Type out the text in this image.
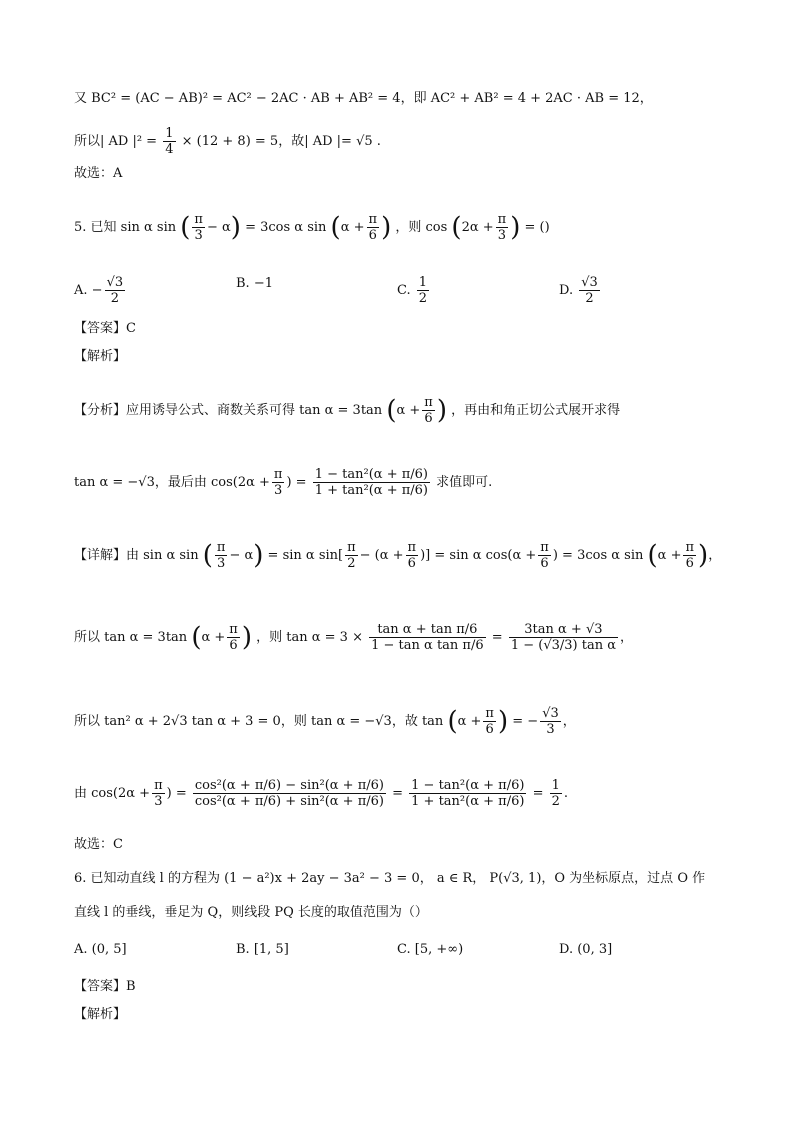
又 BC² = (AC − AB)² = AC² − 2AC · AB + AB² = 4，即 AC² + AB² = 4 + 2AC · AB = 12，
所以| AD $|^2 = \frac{1}{4} \times (12 + 8) = 5$，故| AD |= √5 .
故选：A
5. 已知 sin α sin ( $\frac{\pi}{3} - \alpha) = 3\cos$ α $\sin (\alpha + \frac{\pi}{6}$ ) ，则 $\cos (2\alpha + \frac{\pi}{3}$ ) = ()
A. − $\frac{√3}{2}$	B. −1	C. $\frac{1}{2}$	D. $\frac{√3}{2}$
【答案】C
【解析】
【分析】应用诱导公式、商数关系可得 tan α = 3tan ($\alpha + \frac{\pi}{6}$ ) ，再由和角正切公式展开求得
tan α = −√3，最后由 $\cos(2\alpha + \frac{\pi}{3}$ ) = $\frac{\text{1 − tan²(α + π/6)}}{\text{1 + tan²(α + π/6)}}$ 求值即可.
【详解】由 sin α sin ( $\frac{\pi}{3} - \alpha) = \sin \alpha$ $\sin[ \frac{\pi}{2} - (\alpha + \frac{\pi}{6}$ )] = sin α $\cos(\alpha + \frac{\pi}{6}$ ) = 3cos α $\sin (\alpha + \frac{\pi}{6}$ )，
所以 tan α = 3tan ($\alpha + \frac{\pi}{6}$ ) ，则 $\tan \alpha = 3 \times \frac{\text{tan α + tan π/6}}{\text{1 − tan α tan π/6}} = \frac{\text{3tan α + √3}}{\text{1 − (√3/3) tan α}}$ ，
所以 tan² α + 2√3 tan α + 3 = 0，则 tan α = −√3，故 $\tan (\alpha + \frac{\pi}{6}$ ) = − $\frac{√3}{3}$ ，
由 $\cos(2\alpha + \frac{\pi}{3}$ ) = $\frac{\text{cos²(α + π/6) − sin²(α + π/6)}}{\text{cos²(α + π/6) + sin²(α + π/6)}} = \frac{\text{1 − tan²(α + π/6)}}{\text{1 + tan²(α + π/6)}} = \frac{1}{2}$ .
故选：C
6. 已知动直线 l 的方程为 (1 − a²)x + 2ay − 3a² − 3 = 0， a ∈ R， P(√3, 1)，O 为坐标原点，过点 O 作
直线 l 的垂线，垂足为 Q，则线段 PQ 长度的取值范围为（）
A. (0, 5]	B. [1, 5]	C. [5, +∞)	D. (0, 3]
【答案】B
【解析】
